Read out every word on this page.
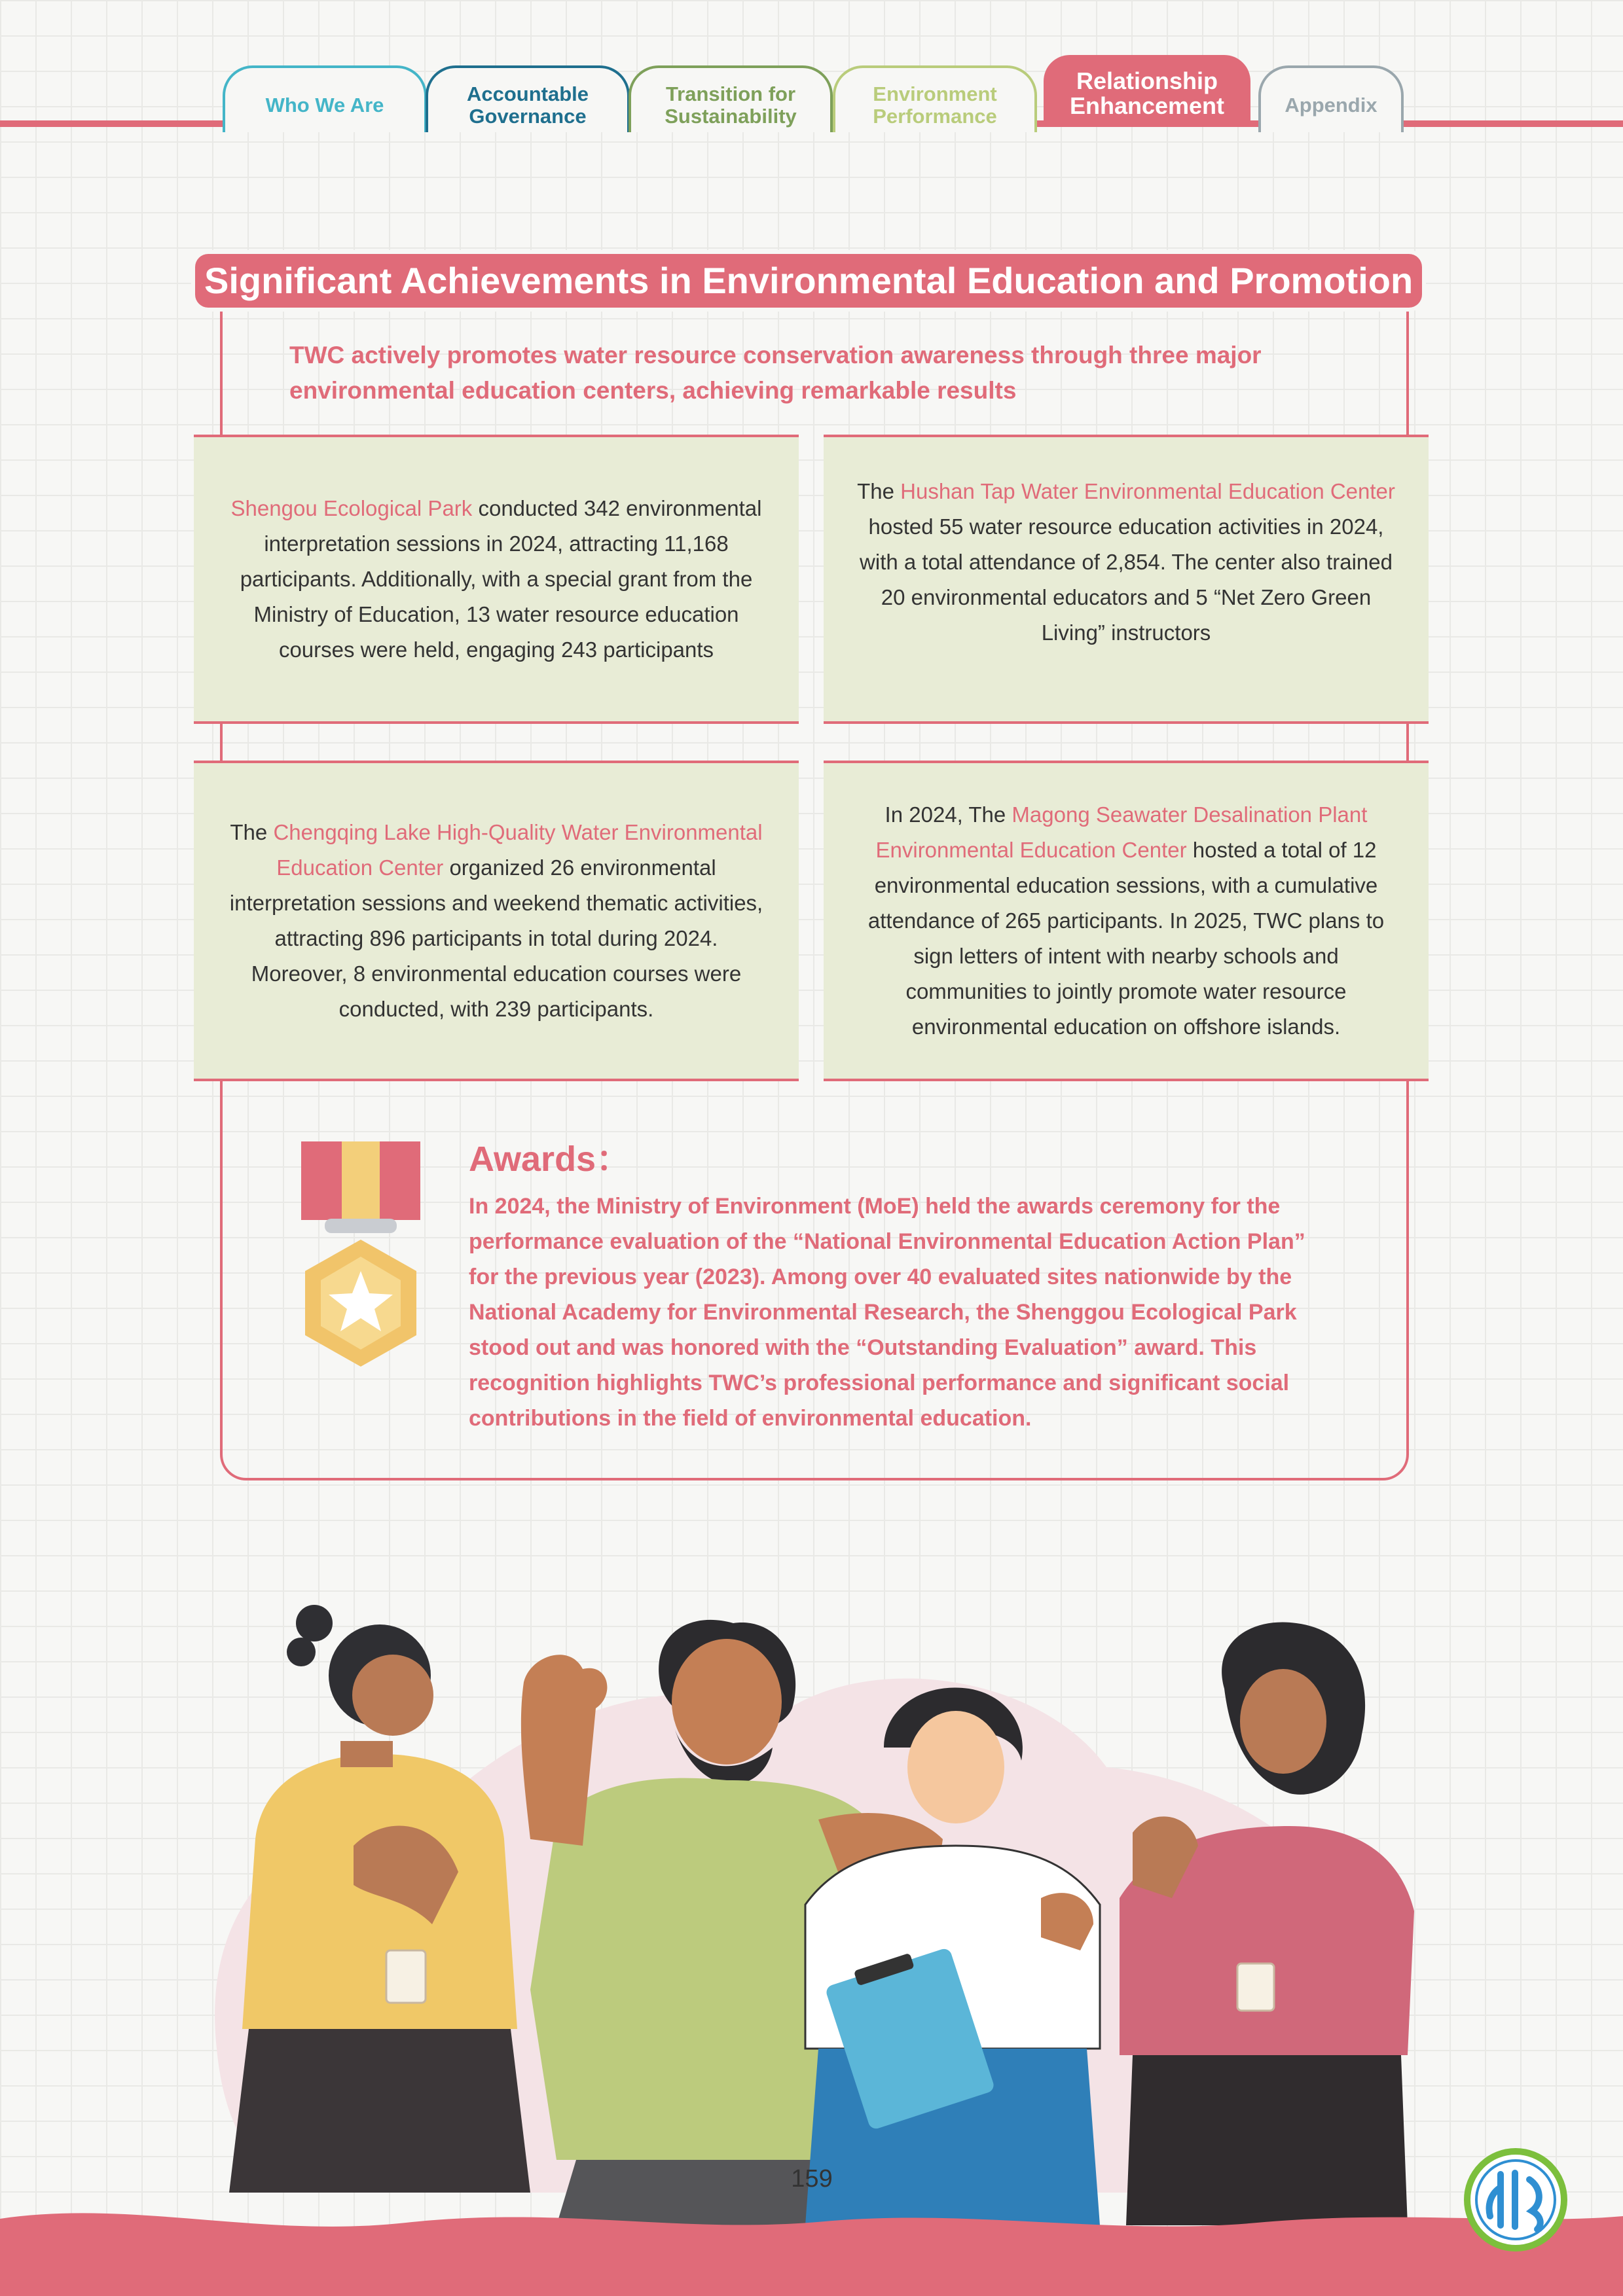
Who We Are	Accountable
Governance
Transition for
Sustainability
Environment
Performance
Relationship
Enhancement	Appendix
Significant Achievements in Environmental Education and Promotion
TWC actively promotes water resource conservation awareness through three major environmental education centers, achieving remarkable results

Shengou Ecological Park conducted 342 environmental interpretation sessions in 2024, attracting 11,168 participants. Additionally, with a special grant from the Ministry of Education, 13 water resource education courses were held, engaging 243 participants

The Hushan Tap Water Environmental Education Center hosted 55 water resource education activities in 2024, with a total attendance of 2,854. The center also trained 20 environmental educators and 5 “Net Zero Green Living” instructors

The Chengqing Lake High-Quality Water Environmental Education Center organized 26 environmental interpretation sessions and weekend thematic activities, attracting 896 participants in total during 2024. Moreover, 8 environmental education courses were conducted, with 239 participants.

In 2024, The Magong Seawater Desalination Plant Environmental Education Center hosted a total of 12 environmental education sessions, with a cumulative attendance of 265 participants. In 2025, TWC plans to sign letters of intent with nearby schools and communities to jointly promote water resource environmental education on offshore islands.

Awards：
In 2024, the Ministry of Environment (MoE) held the awards ceremony for the performance evaluation of the “National Environmental Education Action Plan” for the previous year (2023). Among over 40 evaluated sites nationwide by the National Academy for Environmental Research, the Shenggou Ecological Park stood out and was honored with the “Outstanding Evaluation” award. This recognition highlights TWC’s professional performance and significant social contributions in the field of environmental education.
159
